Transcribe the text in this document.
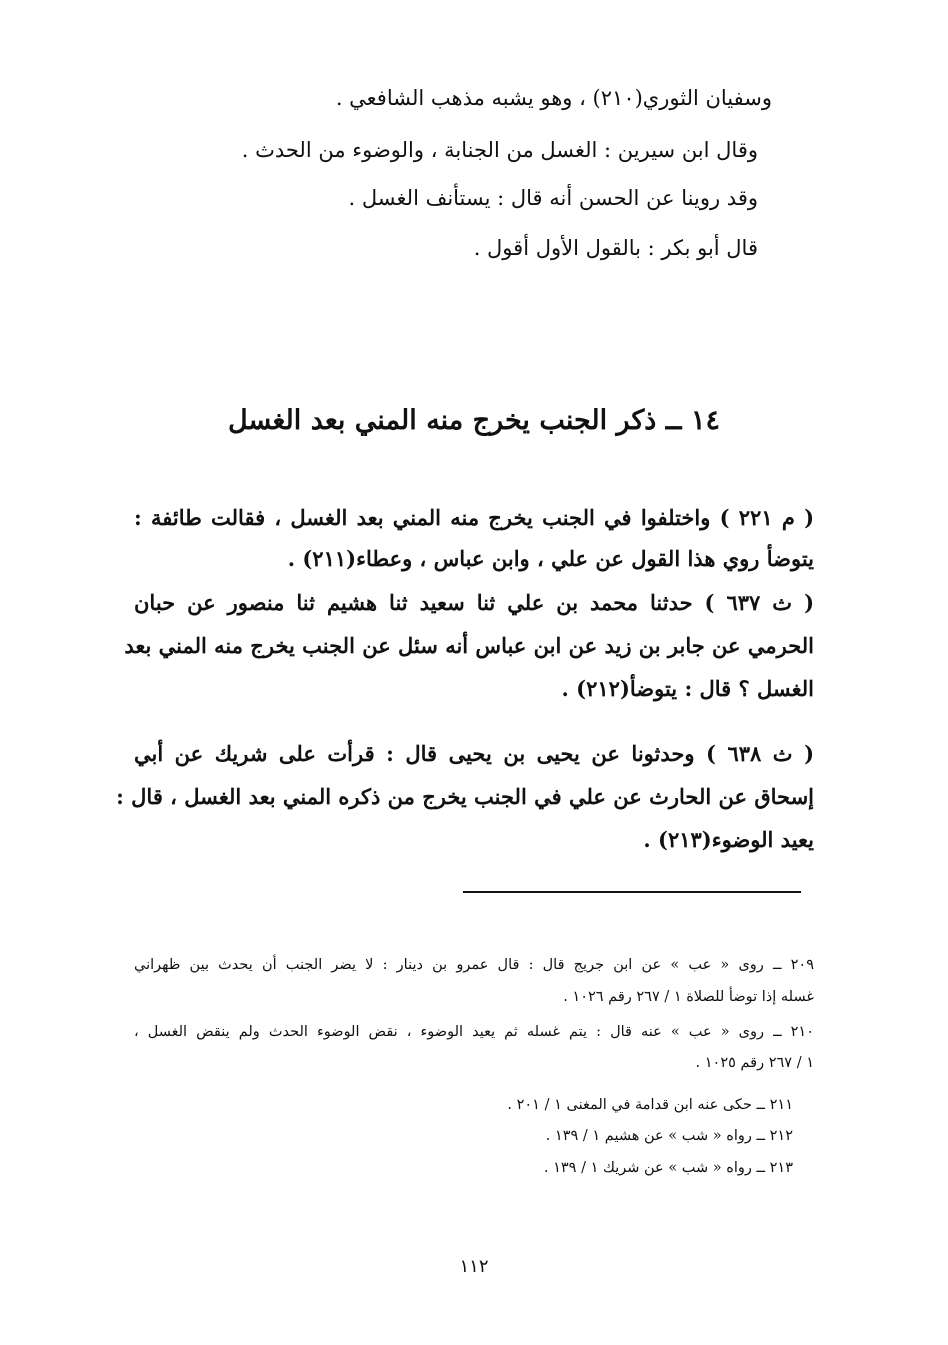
وسفيان الثوري(٢١٠) ، وهو يشبه مذهب الشافعي .

وقال ابن سيرين : الغسل من الجنابة ، والوضوء من الحدث .

وقد روينا عن الحسن أنه قال : يستأنف الغسل .

قال أبو بكر : بالقول الأول أقول .

١٤ ــ ذكر الجنب يخرج منه المني بعد الغسل

( م ٢٢١ ) واختلفوا في الجنب يخرج منه المني بعد الغسل ، فقالت طائفة :

يتوضأ روي هذا القول عن علي ، وابن عباس ، وعطاء(٢١١) .

( ث ٦٣٧ ) حدثنا محمد بن علي ثنا سعيد ثنا هشيم ثنا منصور عن حبان

الحرمي عن جابر بن زيد عن ابن عباس أنه سئل عن الجنب يخرج منه المني بعد

الغسل ؟ قال : يتوضأ(٢١٢) .

( ث ٦٣٨ ) وحدثونا عن يحيى بن يحيى قال : قرأت على شريك عن أبي

إسحاق عن الحارث عن علي في الجنب يخرج من ذكره المني بعد الغسل ، قال :

يعيد الوضوء(٢١٣) .

٢٠٩ ــ روى « عب » عن ابن جريج قال : قال عمرو بن دينار : لا يضر الجنب أن يحدث بين ظهراني

غسله إذا توضأ للصلاة ١ / ٢٦٧ رقم ١٠٢٦ .

٢١٠ ــ روى « عب » عنه قال : يتم غسله ثم يعيد الوضوء ، نقض الوضوء الحدث ولم ينقض الغسل ،

١ / ٢٦٧ رقم ١٠٢٥ .

٢١١ ــ حكى عنه ابن قدامة في المغنى ١ / ٢٠١ .

٢١٢ ــ رواه « شب » عن هشيم ١ / ١٣٩ .

٢١٣ ــ رواه « شب » عن شريك ١ / ١٣٩ .

١١٢
